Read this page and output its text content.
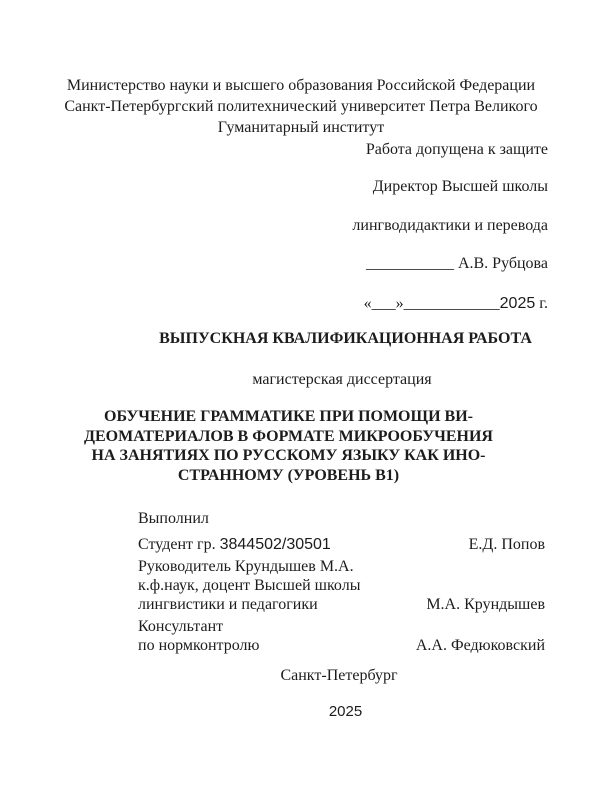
Министерство науки и высшего образования Российской Федерации
Санкт-Петербургский политехнический университет Петра Великого
Гуманитарный институт
Работа допущена к защите
Директор Высшей школы
лингводидактики и перевода
___________ А.В. Рубцова
«___»____________2025 г.
ВЫПУСКНАЯ КВАЛИФИКАЦИОННАЯ РАБОТА
магистерская диссертация
ОБУЧЕНИЕ ГРАММАТИКЕ ПРИ ПОМОЩИ ВИ-
ДЕОМАТЕРИАЛОВ В ФОРМАТЕ МИКРООБУЧЕНИЯ
НА ЗАНЯТИЯХ ПО РУССКОМУ ЯЗЫКУ КАК ИНО-
СТРАННОМУ (УРОВЕНЬ B1)
Выполнил
Студент гр. 3844502/30501	Е.Д. Попов
Руководитель Крундышев М.А.
к.ф.наук, доцент Высшей школы
лингвистики и педагогики	М.А. Крундышев
Консультант
по нормконтролю	А.А. Федюковский
Санкт-Петербург
2025
